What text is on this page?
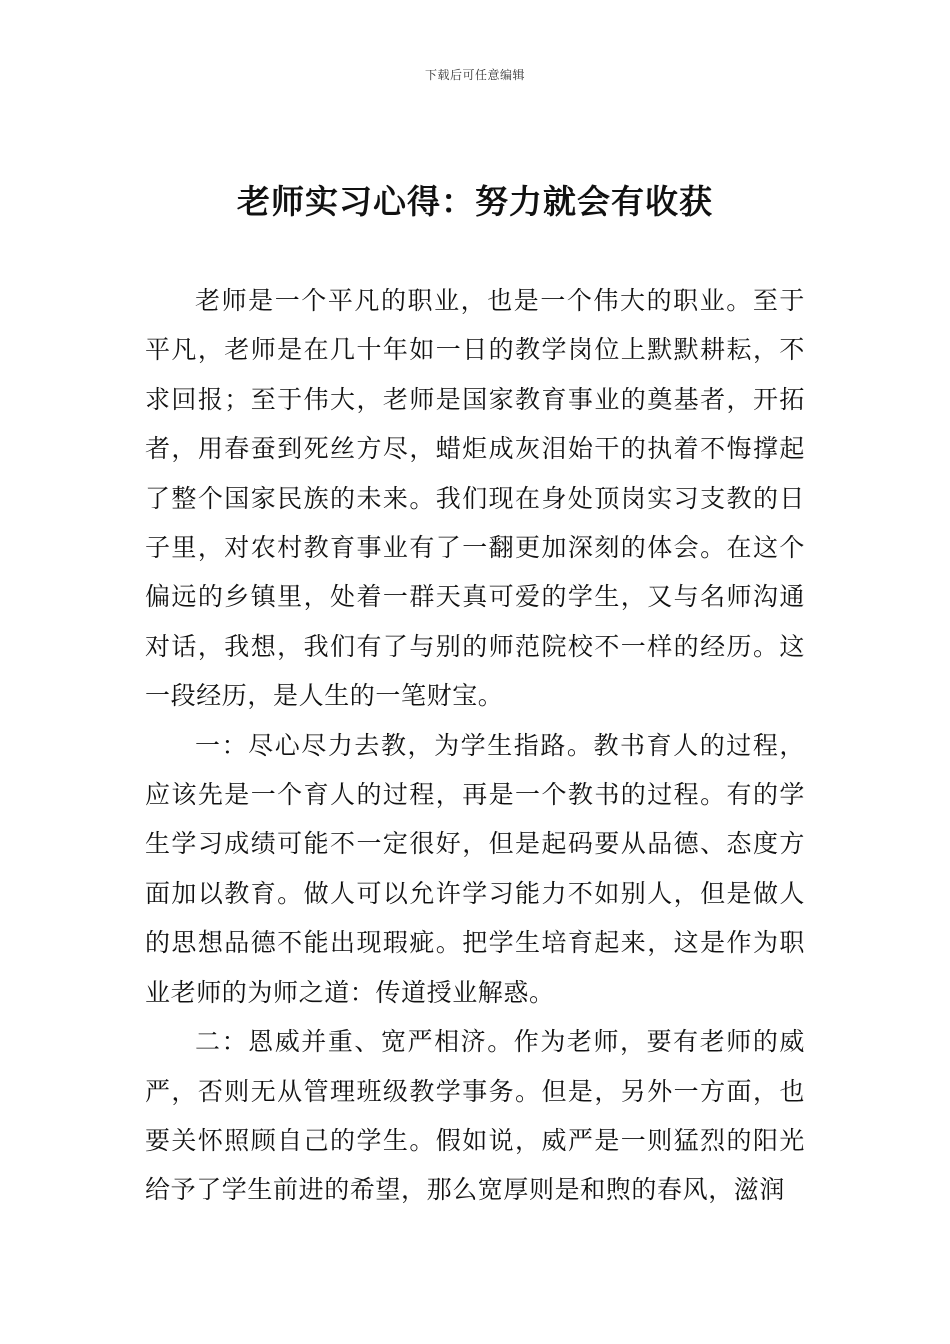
下载后可任意编辑
老师实习心得：努力就会有收获

老师是一个平凡的职业，也是一个伟大的职业。至于平凡，老师是在几十年如一日的教学岗位上默默耕耘，不求回报；至于伟大，老师是国家教育事业的奠基者，开拓者，用春蚕到死丝方尽，蜡炬成灰泪始干的执着不悔撑起了整个国家民族的未来。我们现在身处顶岗实习支教的日子里，对农村教育事业有了一翻更加深刻的体会。在这个偏远的乡镇里，处着一群天真可爱的学生，又与名师沟通对话，我想，我们有了与别的师范院校不一样的经历。这一段经历，是人生的一笔财宝。

一：尽心尽力去教，为学生指路。教书育人的过程，应该先是一个育人的过程，再是一个教书的过程。有的学生学习成绩可能不一定很好，但是起码要从品德、态度方面加以教育。做人可以允许学习能力不如别人，但是做人的思想品德不能出现瑕疵。把学生培育起来，这是作为职业老师的为师之道：传道授业解惑。

二：恩威并重、宽严相济。作为老师，要有老师的威严，否则无从管理班级教学事务。但是，另外一方面，也要关怀照顾自己的学生。假如说，威严是一则猛烈的阳光给予了学生前进的希望，那么宽厚则是和煦的春风，滋润
